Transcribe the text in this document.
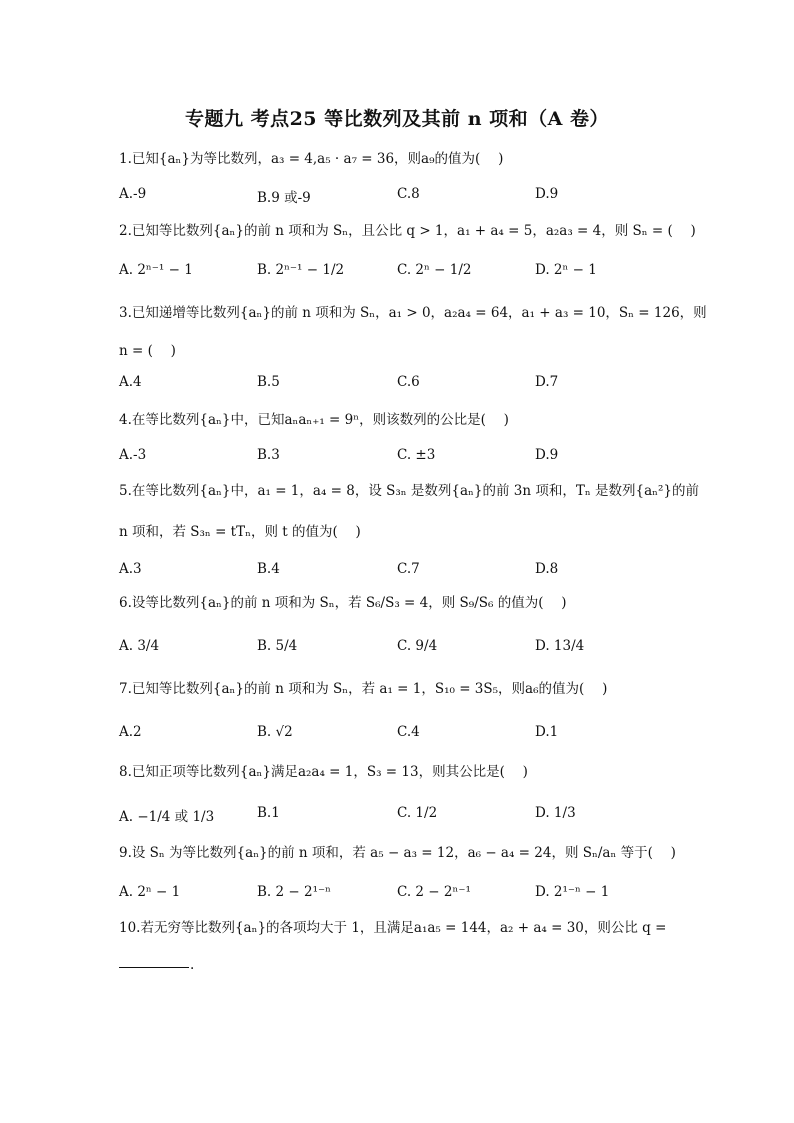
专题九 考点25 等比数列及其前 n 项和（A 卷）
1.已知{aₙ}为等比数列，a₃ = 4,a₅ · a₇ = 36，则a₉的值为(　 )
A.-9	B.9 或-9	C.8	D.9
2.已知等比数列{aₙ}的前 n 项和为 Sₙ，且公比 q > 1，a₁ + a₄ = 5，a₂a₃ = 4，则 Sₙ = (　 )
A. 2ⁿ⁻¹ − 1	B. 2ⁿ⁻¹ − 1/2	C. 2ⁿ − 1/2	D. 2ⁿ − 1
3.已知递增等比数列{aₙ}的前 n 项和为 Sₙ，a₁ > 0，a₂a₄ = 64，a₁ + a₃ = 10，Sₙ = 126，则
n = (　 )
A.4	B.5	C.6	D.7
4.在等比数列{aₙ}中，已知aₙaₙ₊₁ = 9ⁿ，则该数列的公比是(　 )
A.-3	B.3	C. ±3	D.9
5.在等比数列{aₙ}中，a₁ = 1，a₄ = 8，设 S₃ₙ 是数列{aₙ}的前 3n 项和，Tₙ 是数列{aₙ²}的前
n 项和，若 S₃ₙ = tTₙ，则 t 的值为(　 )
A.3	B.4	C.7	D.8
6.设等比数列{aₙ}的前 n 项和为 Sₙ，若 S₆/S₃ = 4，则 S₉/S₆ 的值为(　 )
A. 3/4	B. 5/4	C. 9/4	D. 13/4
7.已知等比数列{aₙ}的前 n 项和为 Sₙ，若 a₁ = 1，S₁₀ = 3S₅，则a₆的值为(　 )
A.2	B. √2	C.4	D.1
8.已知正项等比数列{aₙ}满足a₂a₄ = 1，S₃ = 13，则其公比是(　 )
A. −1/4 或 1/3	B.1	C. 1/2	D. 1/3
9.设 Sₙ 为等比数列{aₙ}的前 n 项和，若 a₅ − a₃ = 12，a₆ − a₄ = 24，则 Sₙ/aₙ 等于(　 )
A. 2ⁿ − 1	B. 2 − 2¹⁻ⁿ	C. 2 − 2ⁿ⁻¹	D. 2¹⁻ⁿ − 1
10.若无穷等比数列{aₙ}的各项均大于 1，且满足a₁a₅ = 144，a₂ + a₄ = 30，则公比 q =
.
